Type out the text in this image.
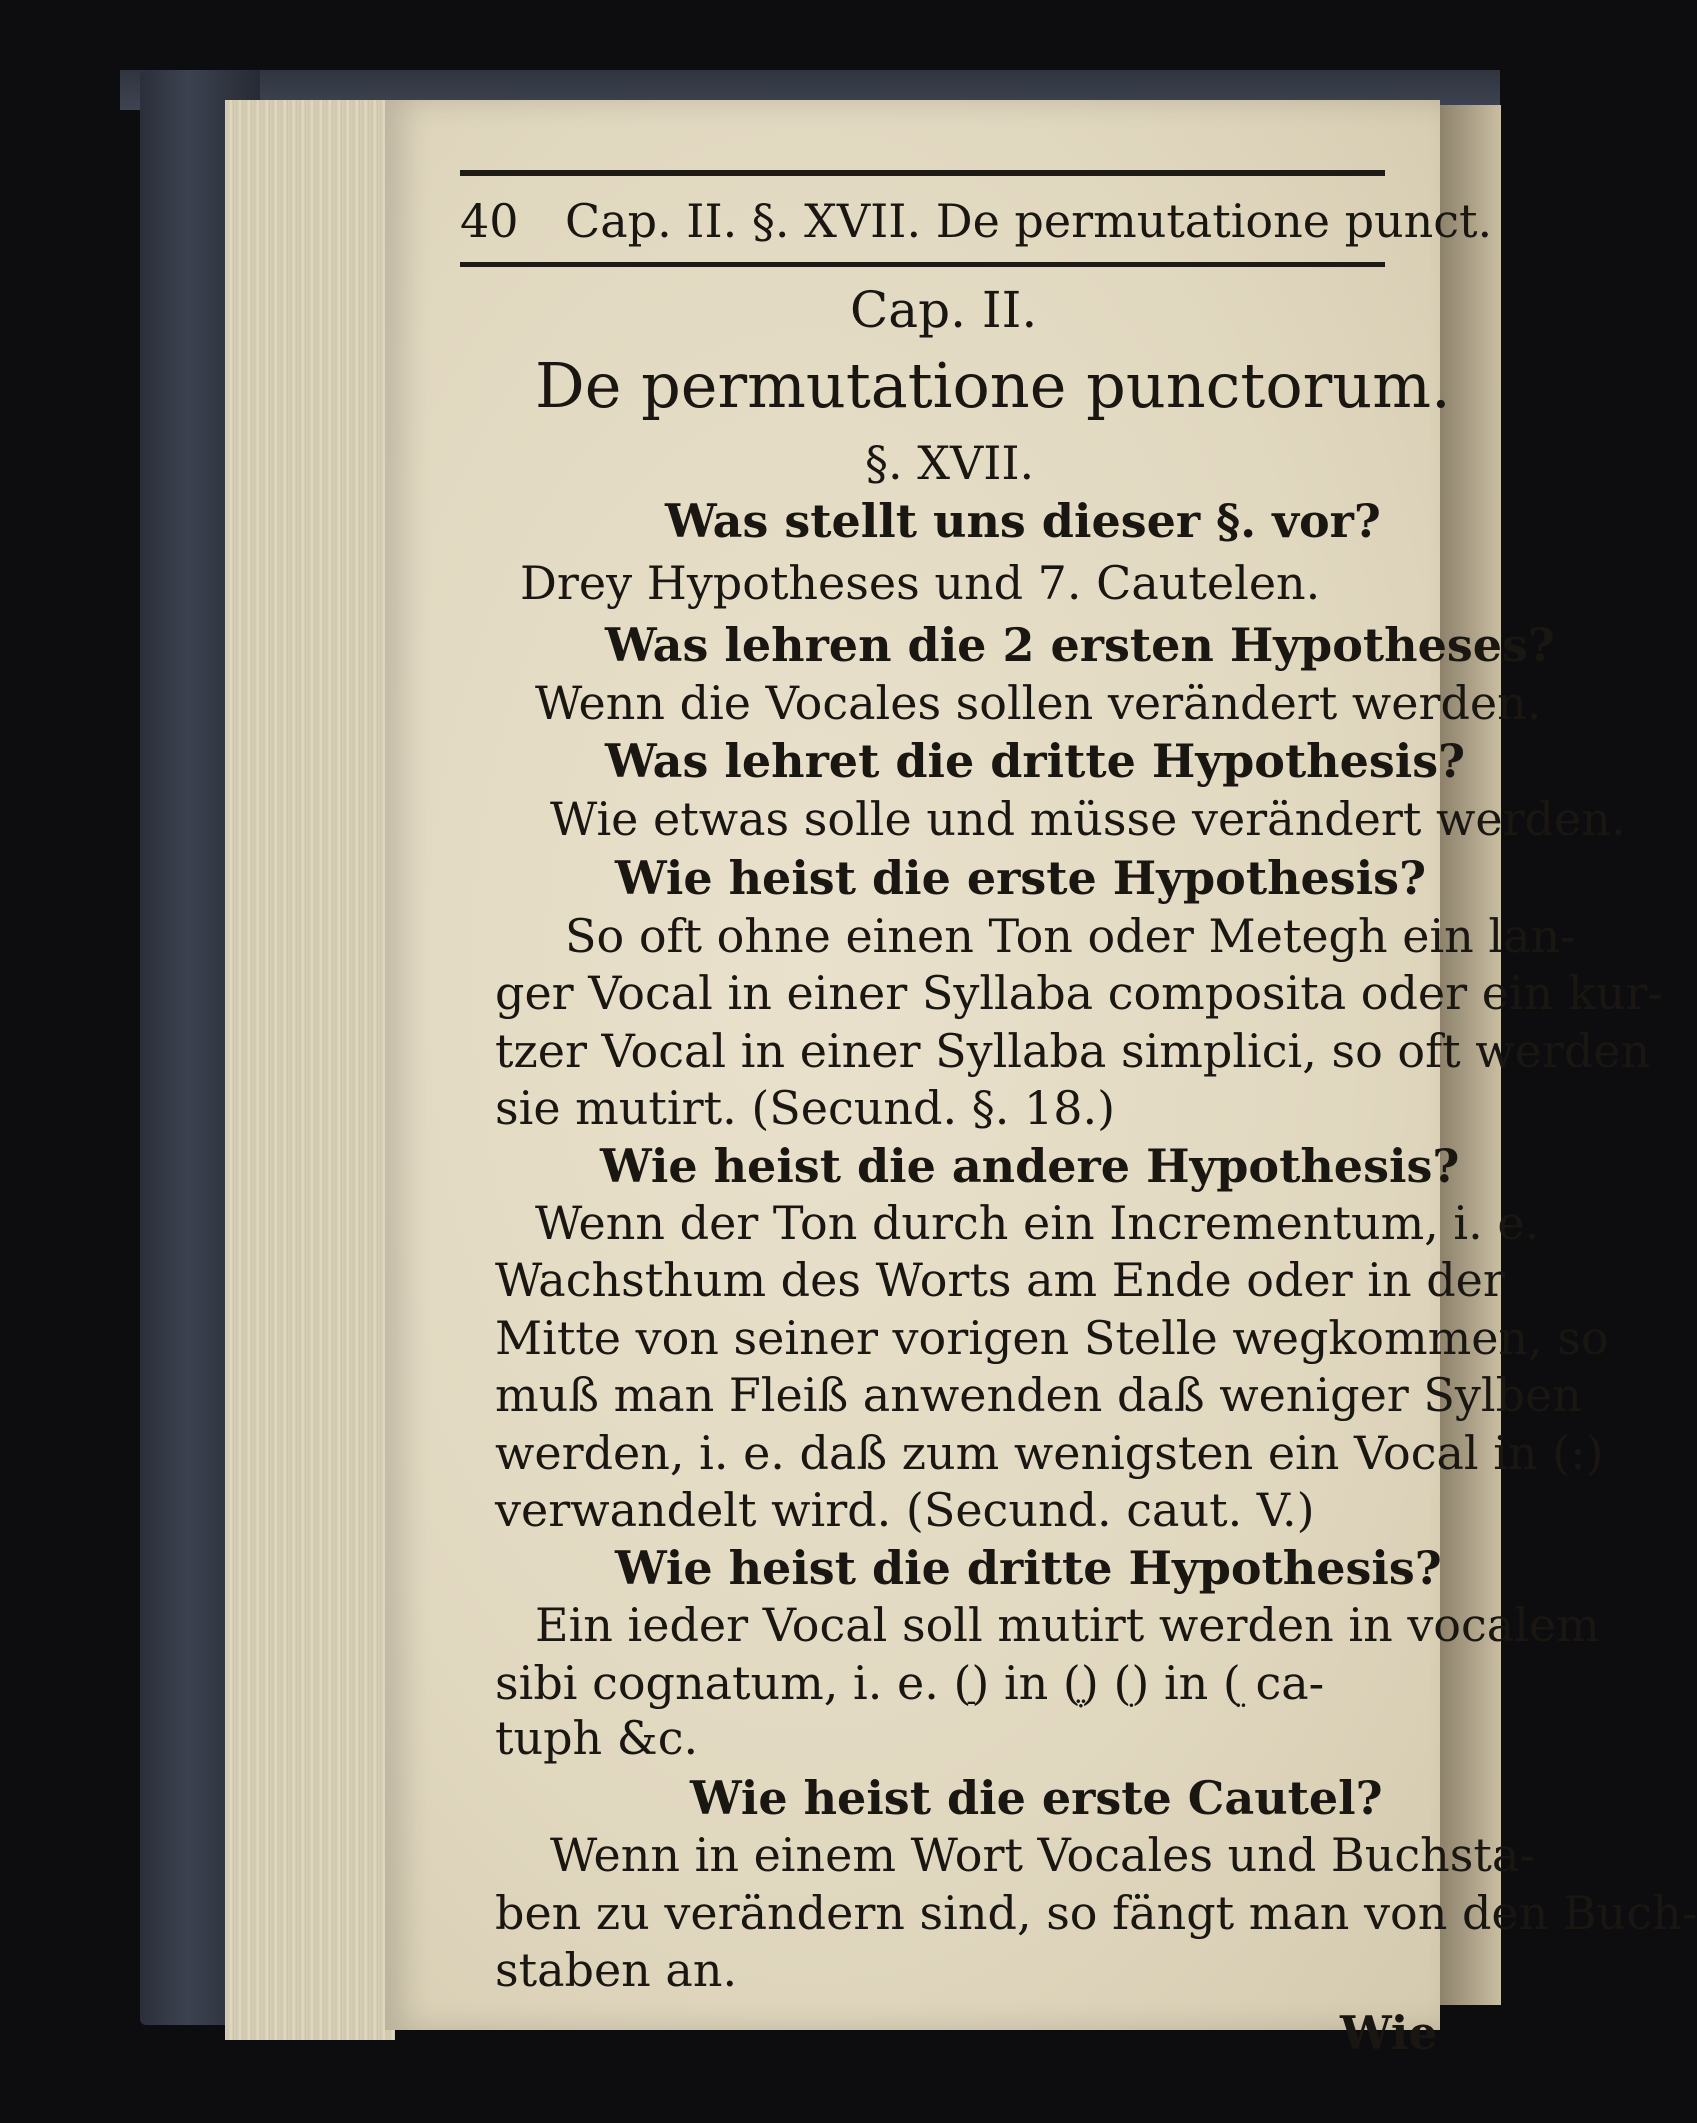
40 Cap. II. §. XVII. De permutatione punct.
Cap. II.
De permutatione punctorum.
§. XVII.
Was stellt uns dieser §. vor?
Drey Hypotheses und 7. Cautelen.
Was lehren die 2 ersten Hypotheses?
Wenn die Vocales sollen verändert werden.
Was lehret die dritte Hypothesis?
Wie etwas solle und müsse verändert werden.
Wie heist die erste Hypothesis?
So oft ohne einen Ton oder Metegh ein lan-
ger Vocal in einer Syllaba composita oder ein kur-
tzer Vocal in einer Syllaba simplici, so oft werden
sie mutirt. (Secund. §. 18.)
Wie heist die andere Hypothesis?
Wenn der Ton durch ein Incrementum, i. e.
Wachsthum des Worts am Ende oder in der
Mitte von seiner vorigen Stelle wegkommen, so
muß man Fleiß anwenden daß weniger Sylben
werden, i. e. daß zum wenigsten ein Vocal in (:)
verwandelt wird. (Secund. caut. V.)
Wie heist die dritte Hypothesis?
Ein ieder Vocal soll mutirt werden in vocalem
sibi cognatum, i. e. (ַ) in (ֶ) (ִ) in (ֵ ca-
tuph &c.
Wie heist die erste Cautel?
Wenn in einem Wort Vocales und Buchsta-
ben zu verändern sind, so fängt man von den Buch-
staben an.
Wie
